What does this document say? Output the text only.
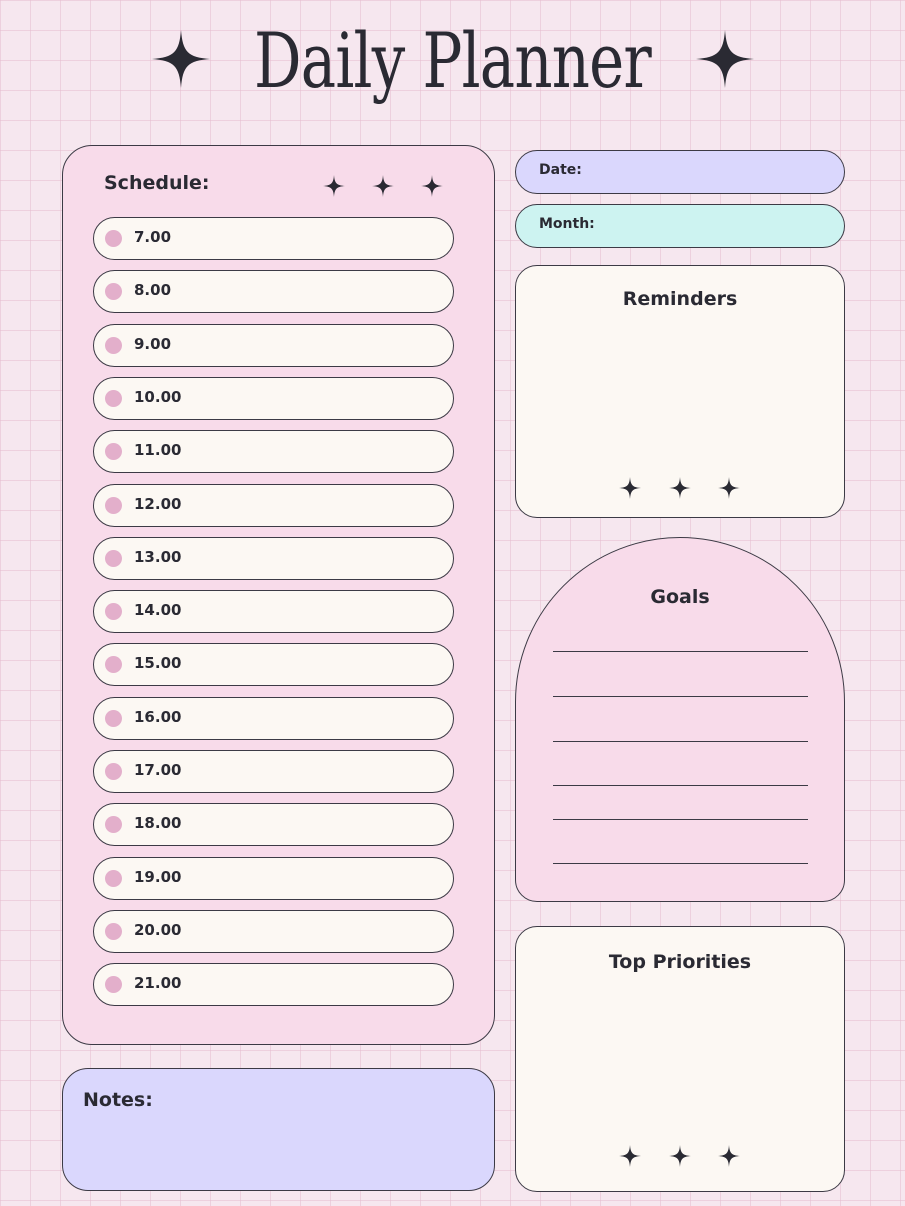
Daily Planner
Schedule:
7.00
8.00
9.00
10.00
11.00
12.00
13.00
14.00
15.00
16.00
17.00
18.00
19.00
20.00
21.00
Notes:
Date:
Month:
Reminders
Goals
Top Priorities
